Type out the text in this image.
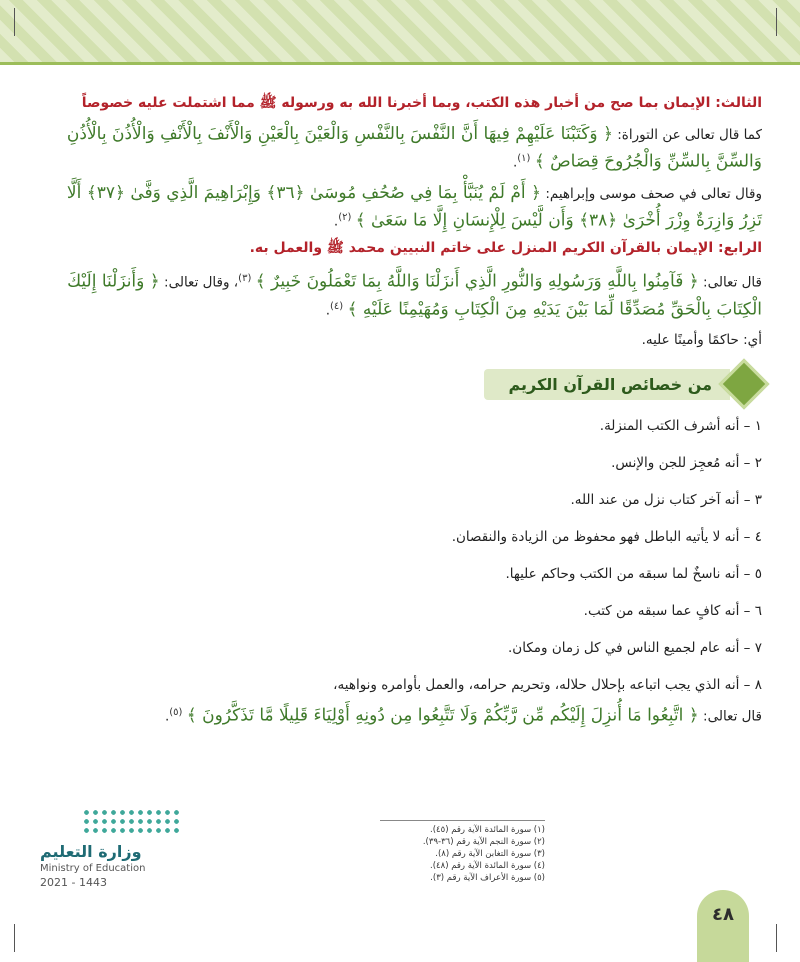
الثالث: الإيمان بما صح من أخبار هذه الكتب، وبما أخبرنا الله به ورسوله ﷺ مما اشتملت عليه خصوصاً

كما قال تعالى عن التوراة: ﴿ وَكَتَبْنَا عَلَيْهِمْ فِيهَا أَنَّ النَّفْسَ بِالنَّفْسِ وَالْعَيْنَ بِالْعَيْنِ وَالْأَنْفَ بِالْأَنْفِ وَالْأُذُنَ بِالْأُذُنِ وَالسِّنَّ بِالسِّنِّ وَالْجُرُوحَ قِصَاصٌ ﴾ $^{(١)}$.

وقال تعالى في صحف موسى وإبراهيم: ﴿ أَمْ لَمْ يُنَبَّأْ بِمَا فِي صُحُفِ مُوسَىٰ ﴿٣٦﴾ وَإِبْرَاهِيمَ الَّذِي وَفَّىٰ ﴿٣٧﴾ أَلَّا تَزِرُ وَازِرَةٌ وِزْرَ أُخْرَىٰ ﴿٣٨﴾ وَأَن لَّيْسَ لِلْإِنسَانِ إِلَّا مَا سَعَىٰ ﴾ $^{(٢)}$.

الرابع: الإيمان بالقرآن الكريم المنزل على خاتم النبيين محمد ﷺ والعمل به.

قال تعالى: ﴿ فَآمِنُوا بِاللَّهِ وَرَسُولِهِ وَالنُّورِ الَّذِي أَنزَلْنَا وَاللَّهُ بِمَا تَعْمَلُونَ خَبِيرٌ ﴾ $^{(٣)}$، وقال تعالى: ﴿ وَأَنزَلْنَا إِلَيْكَ الْكِتَابَ بِالْحَقِّ مُصَدِّقًا لِّمَا بَيْنَ يَدَيْهِ مِنَ الْكِتَابِ وَمُهَيْمِنًا عَلَيْهِ ﴾ $^{(٤)}$.

أي: حاكمًا وأمينًا عليه.

من خصائص القرآن الكريم
١ – أنه أشرف الكتب المنزلة.
٢ – أنه مُعجِز للجن والإنس.
٣ – أنه آخر كتاب نزل من عند الله.
٤ – أنه لا يأتيه الباطل فهو محفوظ من الزيادة والنقصان.
٥ – أنه ناسخٌ لما سبقه من الكتب وحاكم عليها.
٦ – أنه كافٍ عما سبقه من كتب.
٧ – أنه عام لجميع الناس في كل زمان ومكان.
٨ – أنه الذي يجب اتباعه بإحلال حلاله، وتحريم حرامه، والعمل بأوامره ونواهيه،

قال تعالى: ﴿ اتَّبِعُوا مَا أُنزِلَ إِلَيْكُم مِّن رَّبِّكُمْ وَلَا تَتَّبِعُوا مِن دُونِهِ أَوْلِيَاءَ قَلِيلًا مَّا تَذَكَّرُونَ ﴾ $^{(٥)}$.

(١) سورة المائدة الآية رقم (٤٥).
(٢) سورة النجم الآية رقم (٣٦-٣٩).
(٣) سورة التغابن الآية رقم (٨).
(٤) سورة المائدة الآية رقم (٤٨).
(٥) سورة الأعراف الآية رقم (٣).
وزارة التعليم
Ministry of Education
2021 - 1443
٤٨
